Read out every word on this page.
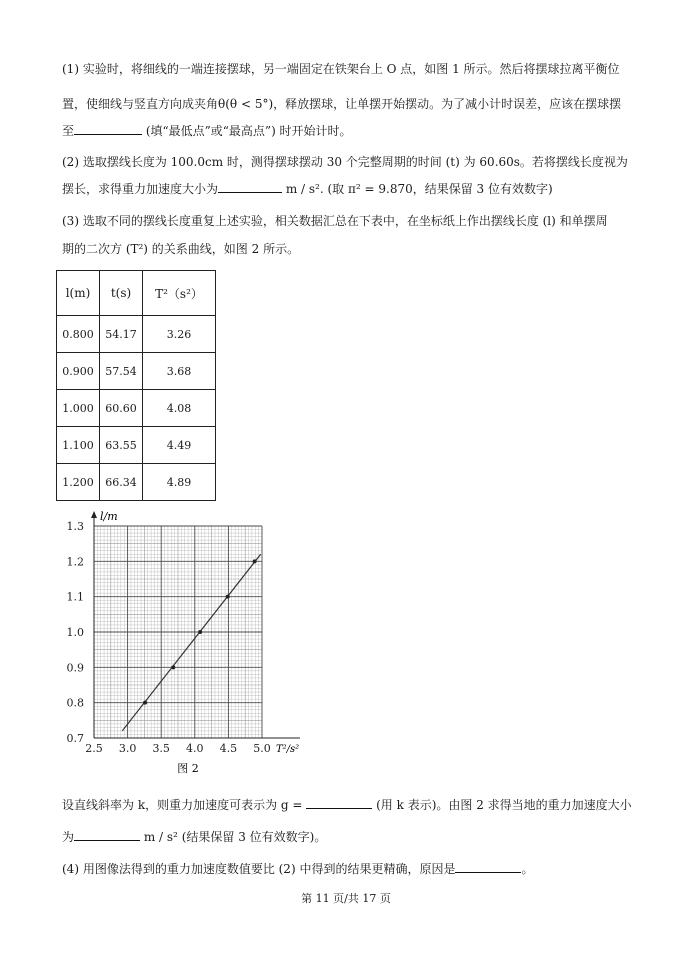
(1) 实验时，将细线的一端连接摆球，另一端固定在铁架台上 O 点，如图 1 所示。然后将摆球拉离平衡位
置，使细线与竖直方向成夹角θ(θ < 5°)，释放摆球，让单摆开始摆动。为了减小计时误差，应该在摆球摆
至	(填“最低点”或“最高点”) 时开始计时。
(2) 选取摆线长度为 100.0cm 时，测得摆球摆动 30 个完整周期的时间 (t) 为 60.60s。若将摆线长度视为
摆长，求得重力加速度大小为	m / s². (取 π² = 9.870，结果保留 3 位有效数字)
(3) 选取不同的摆线长度重复上述实验，相关数据汇总在下表中，在坐标纸上作出摆线长度 (l) 和单摆周
期的二次方 (T²) 的关系曲线，如图 2 所示。
l(m)	t(s)	T²（s²）
0.800	54.17	3.26
0.900	57.54	3.68
1.000	60.60	4.08
1.100	63.55	4.49
1.200	66.34	4.89
2.5 3.0 3.5 4.0 4.5 5.0
0.7
0.8
0.9
1.0
1.1
1.2
1.3
l/m
T²/s²
图 2
设直线斜率为 k，则重力加速度可表示为 g =	(用 k 表示)。由图 2 求得当地的重力加速度大小
为	m / s² (结果保留 3 位有效数字)。
(4) 用图像法得到的重力加速度数值要比 (2) 中得到的结果更精确，原因是	。
第 11 页/共 17 页
